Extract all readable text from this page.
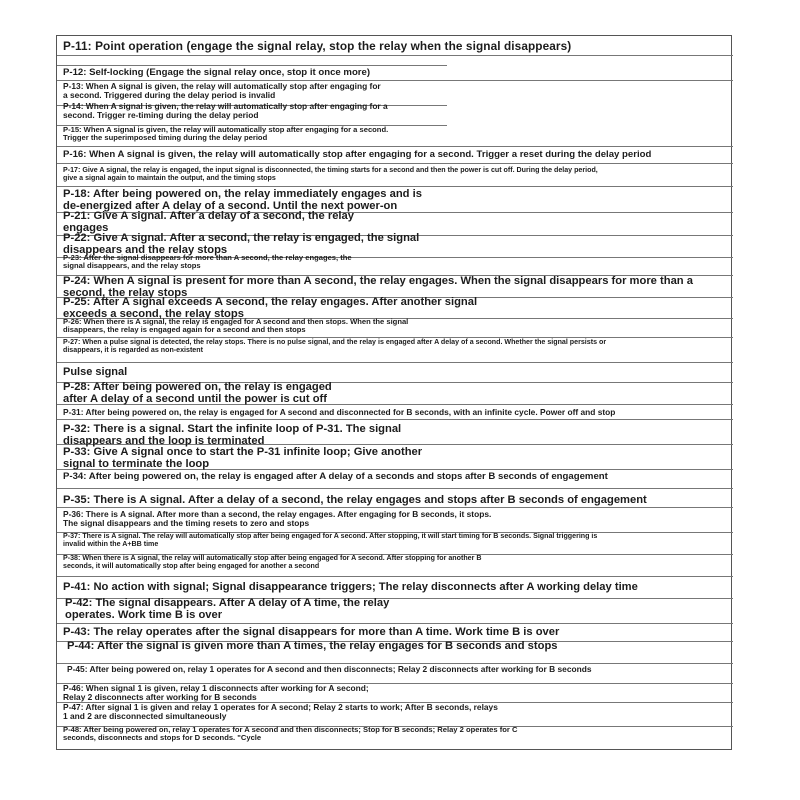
P-11: Point operation (engage the signal relay, stop the relay when the signal disappears)
P-12: Self-locking (Engage the signal relay once, stop it once more)
P-13: When A signal is given, the relay will automatically stop after engaging for
a second. Triggered during the delay period is invalid
P-14: When A signal is given, the relay will automatically stop after engaging for a
second. Trigger re-timing during the delay period
P-15: When A signal is given, the relay will automatically stop after engaging for a second.
Trigger the superimposed timing during the delay period
P-16: When A signal is given, the relay will automatically stop after engaging for a second. Trigger a reset during the delay period
P-17: Give A signal, the relay is engaged, the input signal is disconnected, the timing starts for a second and then the power is cut off. During the delay period,
give a signal again to maintain the output, and the timing stops
P-18: After being powered on, the relay immediately engages and is
de-energized after A delay of a second. Until the next power-on
P-21: Give A signal. After a delay of a second, the relay
engages
P-22: Give A signal. After a second, the relay is engaged, the signal
disappears and the relay stops
P-23: After the signal disappears for more than A second, the relay engages, the
signal disappears, and the relay stops
P-24: When A signal is present for more than A second, the relay engages. When the signal disappears for more than a
second, the relay stops
P-25: After A signal exceeds A second, the relay engages. After another signal
exceeds a second, the relay stops
P-26: When there is A signal, the relay is engaged for A second and then stops. When the signal
disappears, the relay is engaged again for a second and then stops
P-27: When a pulse signal is detected, the relay stops. There is no pulse signal, and the relay is engaged after A delay of a second. Whether the signal persists or
disappears, it is regarded as non-existent
Pulse signal
P-28: After being powered on, the relay is engaged
after A delay of a second until the power is cut off
P-31: After being powered on, the relay is engaged for A second and disconnected for B seconds, with an infinite cycle. Power off and stop
P-32: There is a signal. Start the infinite loop of P-31. The signal
disappears and the loop is terminated
P-33: Give A signal once to start the P-31 infinite loop; Give another
signal to terminate the loop
P-34: After being powered on, the relay is engaged after A delay of a seconds and stops after B seconds of engagement
P-35: There is A signal. After a delay of a second, the relay engages and stops after B seconds of engagement
P-36: There is A signal. After more than a second, the relay engages. After engaging for B seconds, it stops.
The signal disappears and the timing resets to zero and stops
P-37: There is A signal. The relay will automatically stop after being engaged for A second. After stopping, it will start timing for B seconds. Signal triggering is
invalid within the A+BB time
P-38: When there is A signal, the relay will automatically stop after being engaged for A second. After stopping for another B
seconds, it will automatically stop after being engaged for another a second
P-41: No action with signal; Signal disappearance triggers; The relay disconnects after A working delay time
P-42: The signal disappears. After A delay of A time, the relay
operates. Work time B is over
P-43: The relay operates after the signal disappears for more than A time. Work time B is over
P-44: After the signal is given more than A times, the relay engages for B seconds and stops
P-45: After being powered on, relay 1 operates for A second and then disconnects; Relay 2 disconnects after working for B seconds
P-46: When signal 1 is given, relay 1 disconnects after working for A second;
Relay 2 disconnects after working for B seconds
P-47: After signal 1 is given and relay 1 operates for A second; Relay 2 starts to work; After B seconds, relays
1 and 2 are disconnected simultaneously
P-48: After being powered on, relay 1 operates for A second and then disconnects; Stop for B seconds; Relay 2 operates for C
seconds, disconnects and stops for D seconds. "Cycle
